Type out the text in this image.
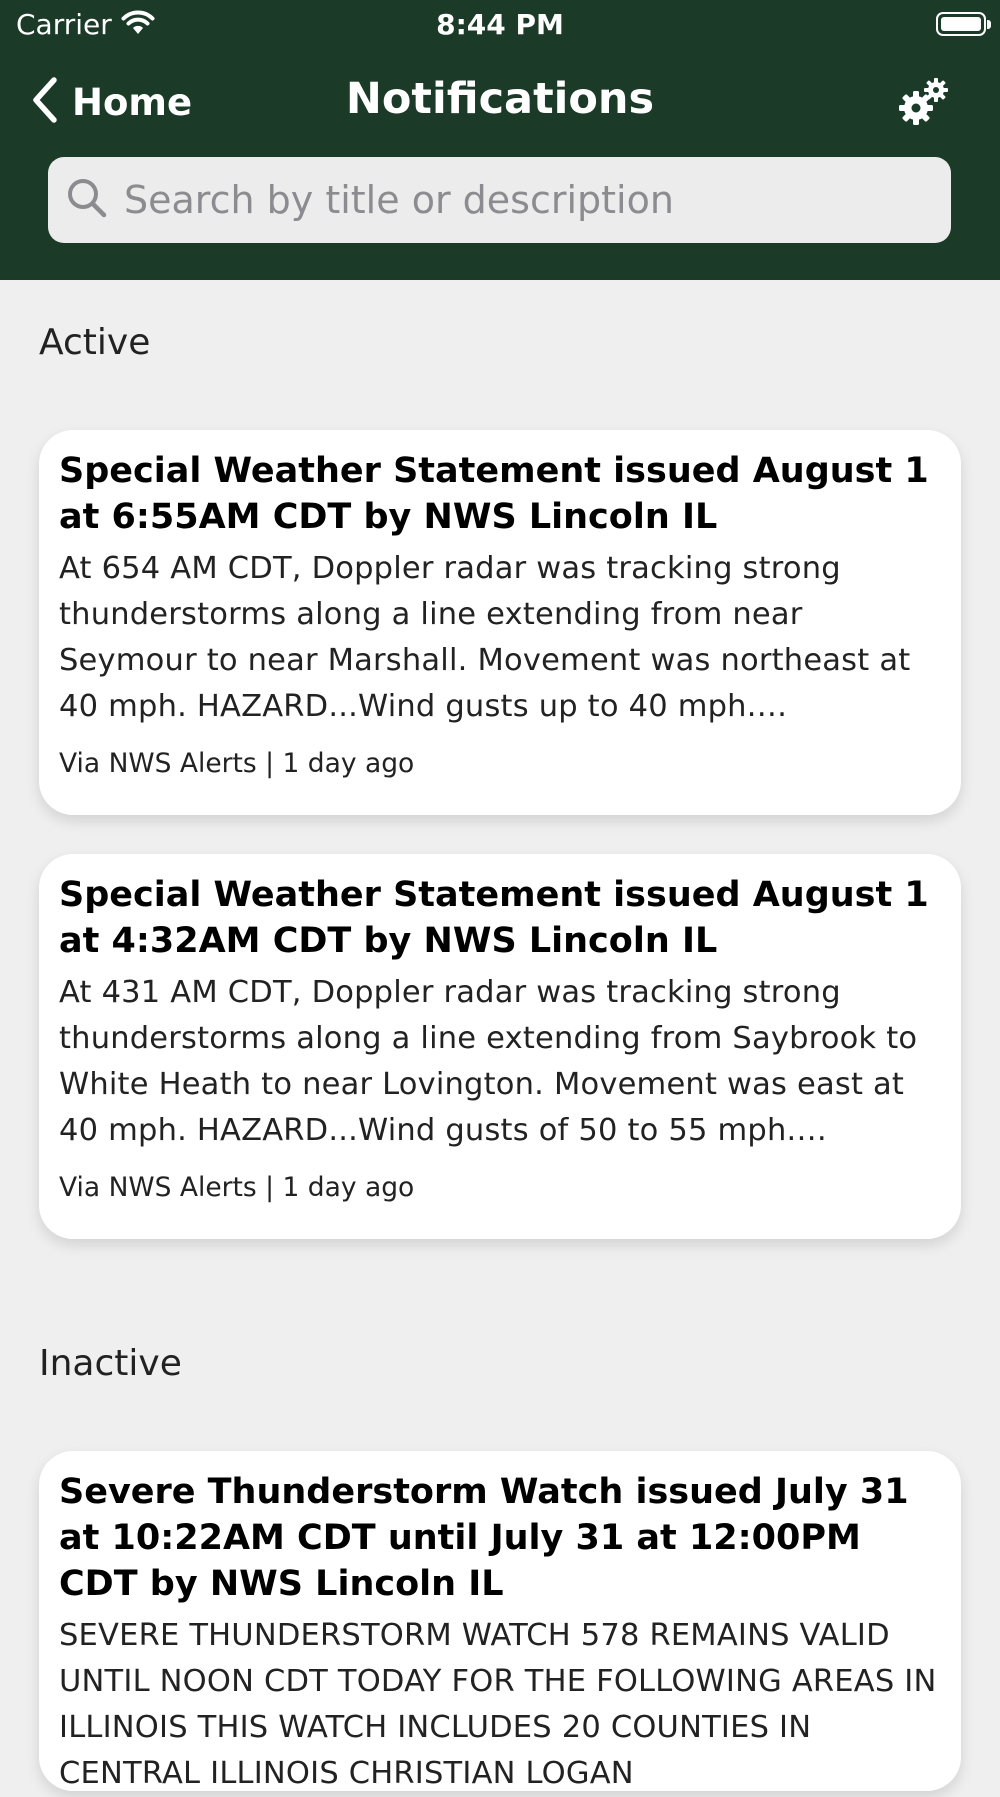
Carrier	8:44 PM
Home	Notifications
Search by title or description
Active
Special Weather Statement issued August 1 at 6:55AM CDT by NWS Lincoln IL
At 654 AM CDT, Doppler radar was tracking strong thunderstorms along a line extending from near Seymour to near Marshall. Movement was northeast at 40 mph. HAZARD...Wind gusts up to 40 mph.
Via NWS Alerts | 1 day ago
Special Weather Statement issued August 1 at 4:32AM CDT by NWS Lincoln IL
At 431 AM CDT, Doppler radar was tracking strong thunderstorms along a line extending from Saybrook to White Heath to near Lovington. Movement was east at 40 mph. HAZARD...Wind gusts of 50 to 55 mph.
Via NWS Alerts | 1 day ago
Inactive
Severe Thunderstorm Watch issued July 31 at 10:22AM CDT until July 31 at 12:00PM CDT by NWS Lincoln IL
SEVERE THUNDERSTORM WATCH 578 REMAINS VALID UNTIL NOON CDT TODAY FOR THE FOLLOWING AREAS IN ILLINOIS THIS WATCH INCLUDES 20 COUNTIES IN CENTRAL ILLINOIS CHRISTIAN LOGAN
